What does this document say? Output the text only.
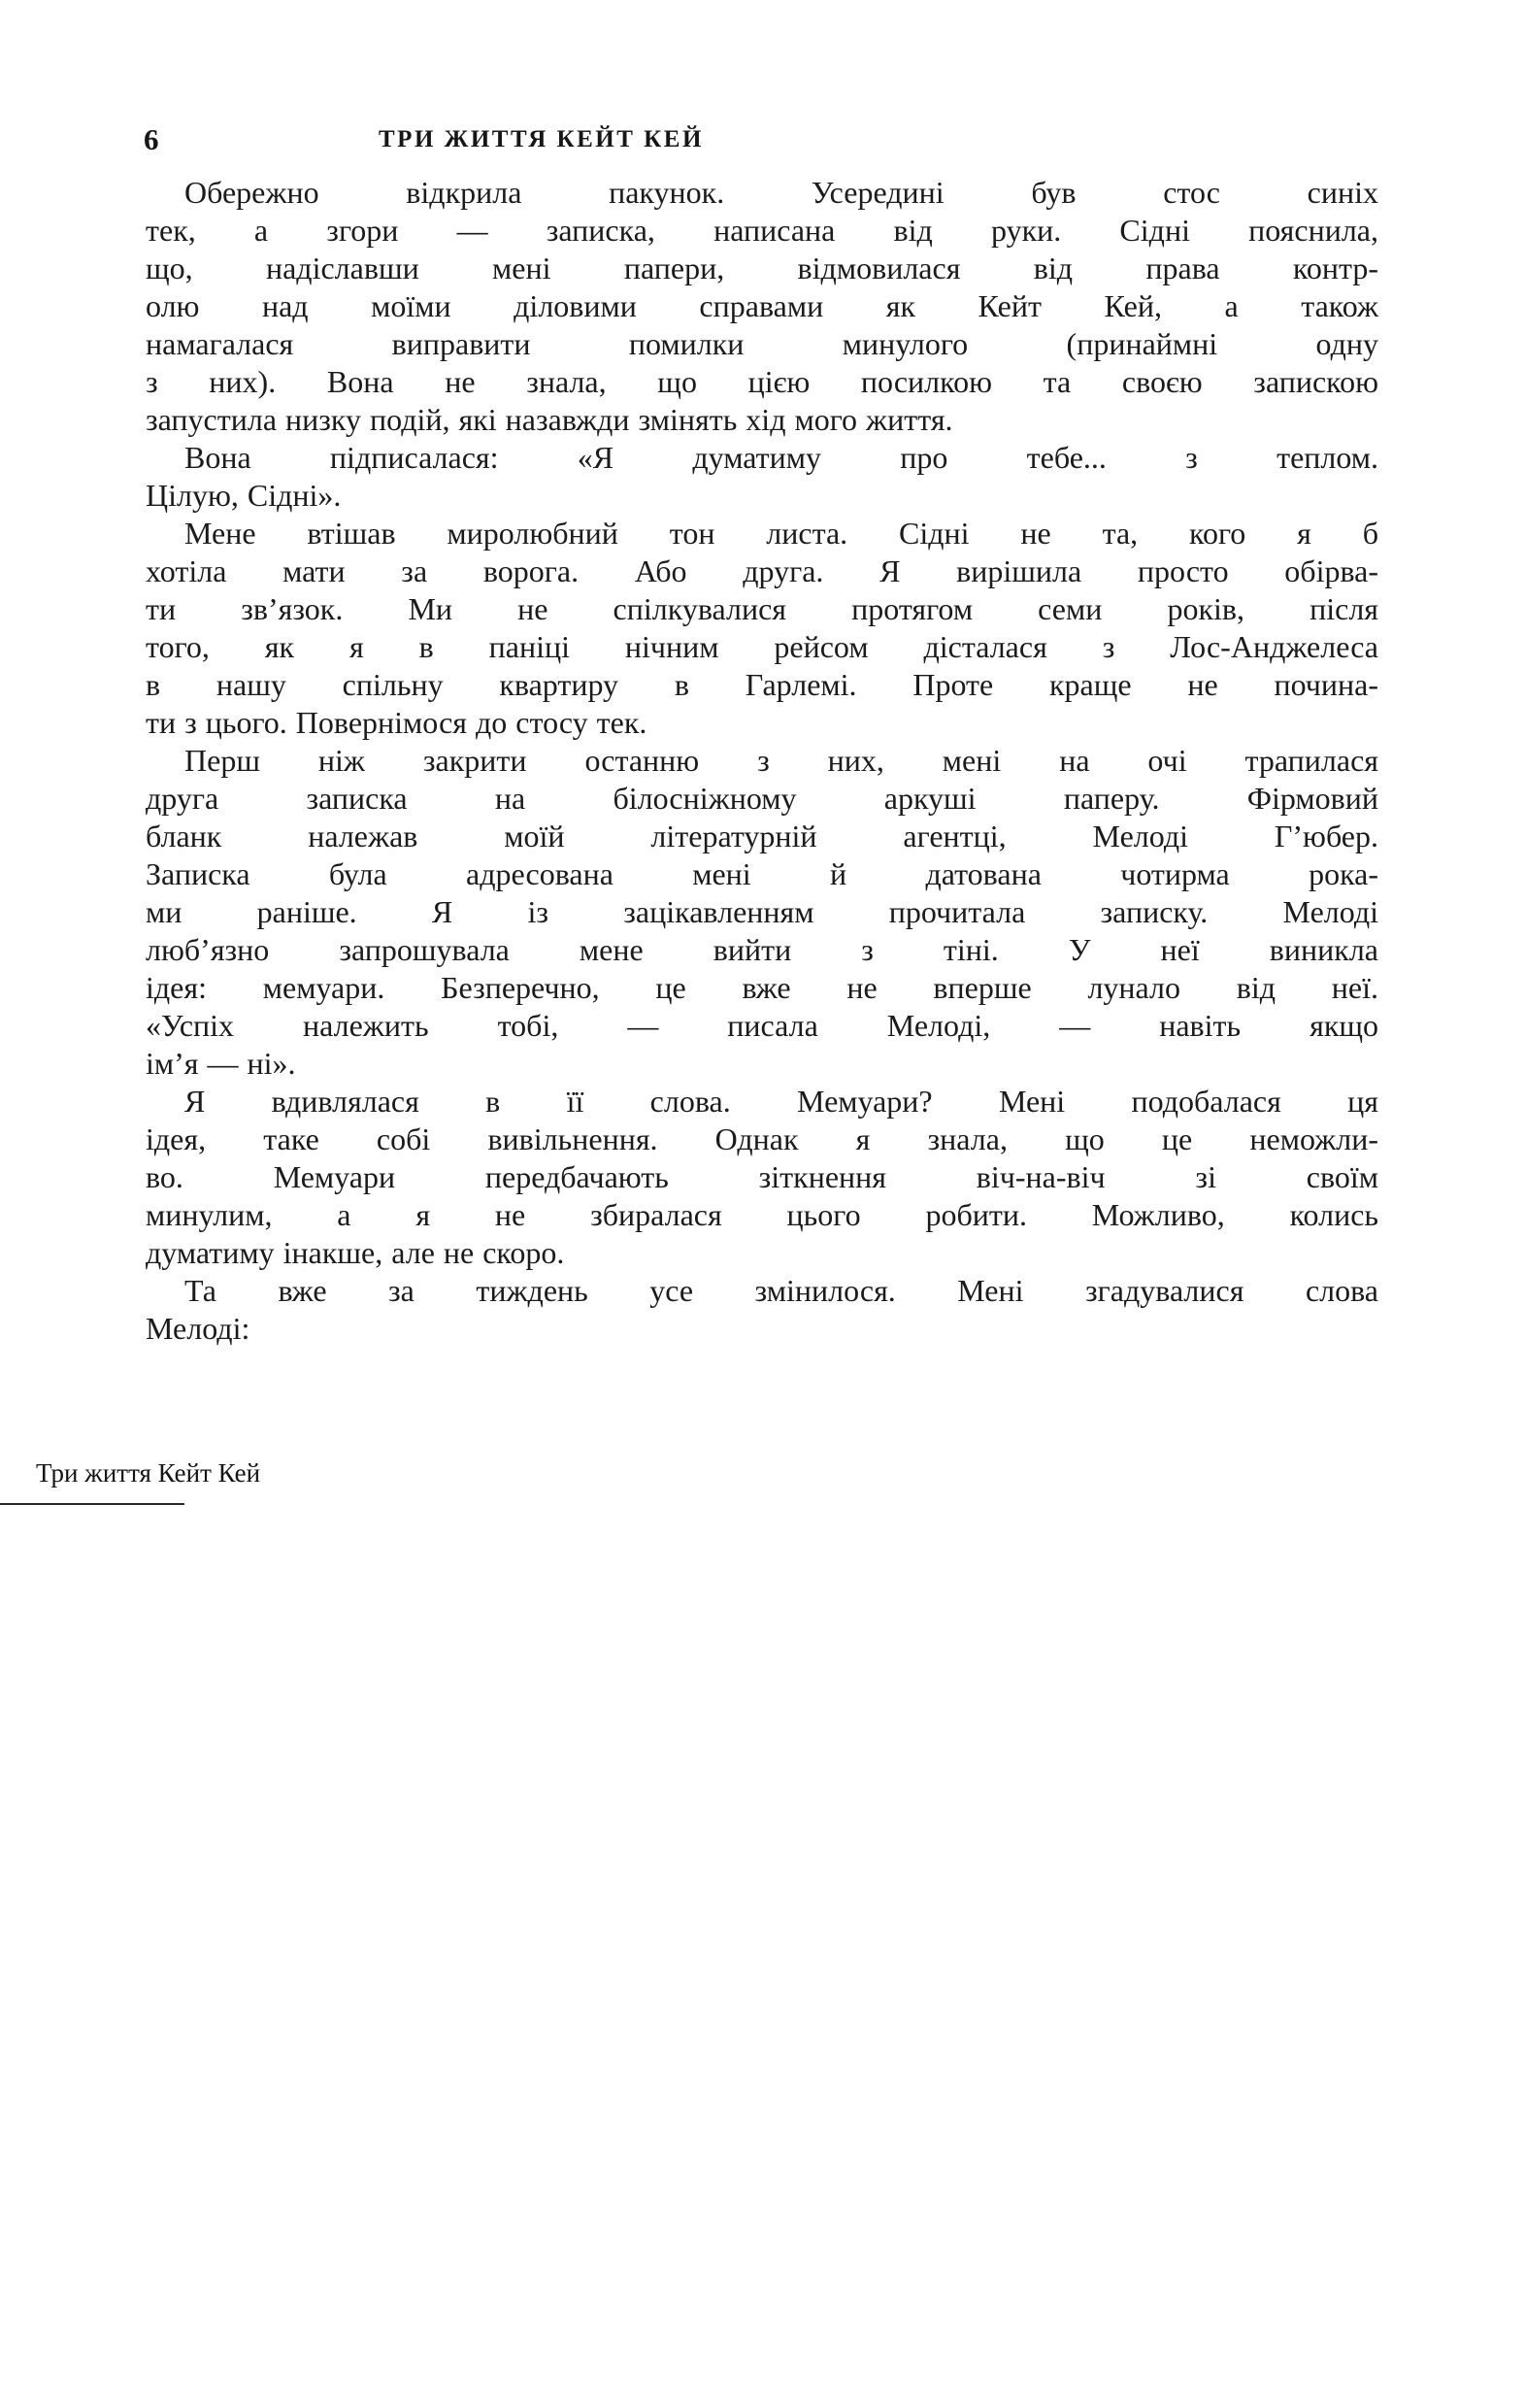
6	ТРИ ЖИТТЯ КЕЙТ КЕЙ
Обережно відкрила пакунок. Усередині був стос синіх
тек, а згори — записка, написана від руки. Сідні пояснила,
що, надіславши мені папери, відмовилася від права контр-
олю над моїми діловими справами як Кейт Кей, а також
намагалася виправити помилки минулого (принаймні одну
з них). Вона не знала, що цією посилкою та своєю запискою
запустила низку подій, які назавжди змінять хід мого життя.
Вона підписалася: «Я думатиму про тебе... з теплом.
Цілую, Сідні».
Мене втішав миролюбний тон листа. Сідні не та, кого я б
хотіла мати за ворога. Або друга. Я вирішила просто обірва-
ти зв’язок. Ми не спілкувалися протягом семи років, після
того, як я в паніці нічним рейсом дісталася з Лос-Анджелеса
в нашу спільну квартиру в Гарлемі. Проте краще не почина-
ти з цього. Повернімося до стосу тек.
Перш ніж закрити останню з них, мені на очі трапилася
друга записка на білосніжному аркуші паперу. Фірмовий
бланк належав моїй літературній агентці, Мелоді Г’юбер.
Записка була адресована мені й датована чотирма рока-
ми раніше. Я із зацікавленням прочитала записку. Мелоді
люб’язно запрошувала мене вийти з тіні. У неї виникла
ідея: мемуари. Безперечно, це вже не вперше лунало від неї.
«Успіх належить тобі, — писала Мелоді, — навіть якщо
ім’я — ні».
Я вдивлялася в її слова. Мемуари? Мені подобалася ця
ідея, таке собі вивільнення. Однак я знала, що це неможли-
во. Мемуари передбачають зіткнення віч-на-віч зі своїм
минулим, а я не збиралася цього робити. Можливо, колись
думатиму інакше, але не скоро.
Та вже за тиждень усе змінилося. Мені згадувалися слова
Мелоді:
Три життя Кейт Кей
